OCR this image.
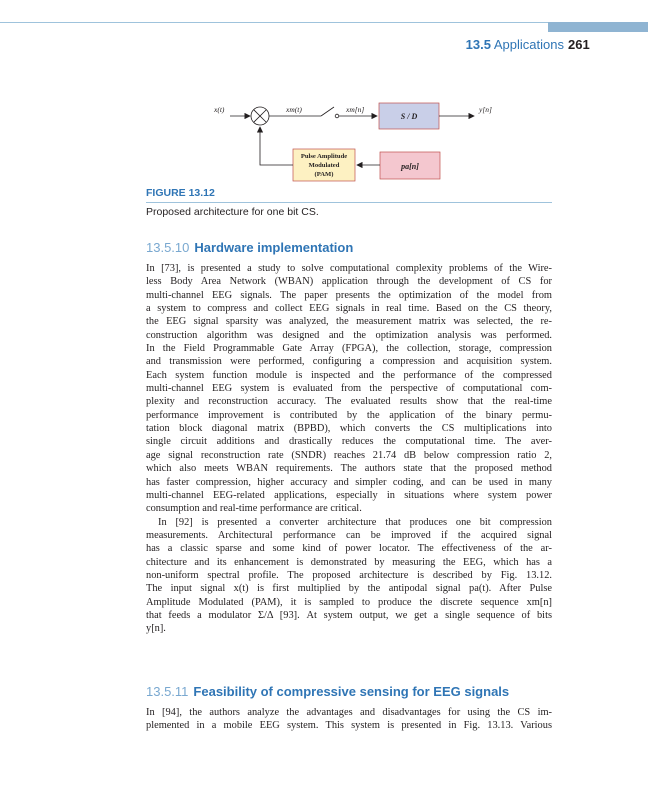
13.5 Applications 261
x(t)	xm(t)	xm[n]
S / D
y[n]
pa[n]
Pulse Amplitude
Modulated
(PAM)
FIGURE 13.12
Proposed architecture for one bit CS.
13.5.10 Hardware implementation
In [73], is presented a study to solve computational complexity problems of the Wire-
less Body Area Network (WBAN) application through the development of CS for
multi-channel EEG signals. The paper presents the optimization of the model from
a system to compress and collect EEG signals in real time. Based on the CS theory,
the EEG signal sparsity was analyzed, the measurement matrix was selected, the re-
construction algorithm was designed and the optimization analysis was performed.
In the Field Programmable Gate Array (FPGA), the collection, storage, compression
and transmission were performed, configuring a compression and acquisition system.
Each system function module is inspected and the performance of the compressed
multi-channel EEG system is evaluated from the perspective of computational com-
plexity and reconstruction accuracy. The evaluated results show that the real-time
performance improvement is contributed by the application of the binary permu-
tation block diagonal matrix (BPBD), which converts the CS multiplications into
single circuit additions and drastically reduces the computational time. The aver-
age signal reconstruction rate (SNDR) reaches 21.74 dB below compression ratio 2,
which also meets WBAN requirements. The authors state that the proposed method
has faster compression, higher accuracy and simpler coding, and can be used in many
multi-channel EEG-related applications, especially in situations where system power
consumption and real-time performance are critical.
In [92] is presented a converter architecture that produces one bit compression
measurements. Architectural performance can be improved if the acquired signal
has a classic sparse and some kind of power locator. The effectiveness of the ar-
chitecture and its enhancement is demonstrated by measuring the EEG, which has a
non-uniform spectral profile. The proposed architecture is described by Fig. 13.12.
The input signal x(t) is first multiplied by the antipodal signal pa(t). After Pulse
Amplitude Modulated (PAM), it is sampled to produce the discrete sequence xm[n]
that feeds a modulator Σ/Δ [93]. At system output, we get a single sequence of bits
y[n].
13.5.11 Feasibility of compressive sensing for EEG signals
In [94], the authors analyze the advantages and disadvantages for using the CS im-
plemented in a mobile EEG system. This system is presented in Fig. 13.13. Various
